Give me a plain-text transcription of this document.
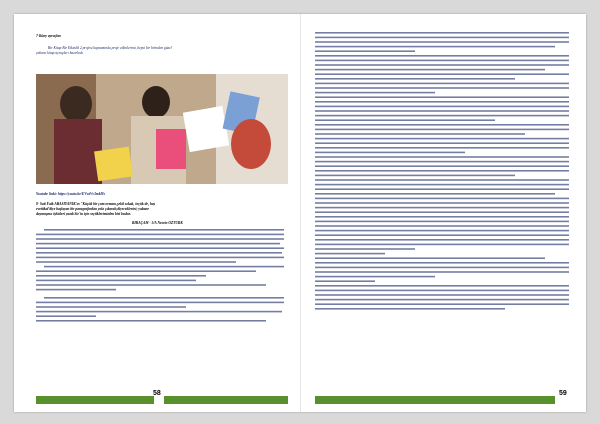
7-Küny ayruçları
Bir Kitap Bir Etkinlik 2 projesi kapsamında proje etkinlerimi, hepsi bir birinden güzel
yabane kitap ayruçları hazırladı.
Youtube linki: https://youtu.be/EVwtVv3mkMs
8- Sait Faik ABASIYANIK'ın "Küçük bir çam ormanı,şekil sokak, örçük de, hay
evettikal'diye başlayan bir paragrafından yola çıkarak;diyeceklerini; yabane
dayanışma öyküleri yazdı.Siz'in için seçtiklerimizden biri budur.
BIRAÇAM - 5/A Nesrin ÖZTÜRK
58	59
